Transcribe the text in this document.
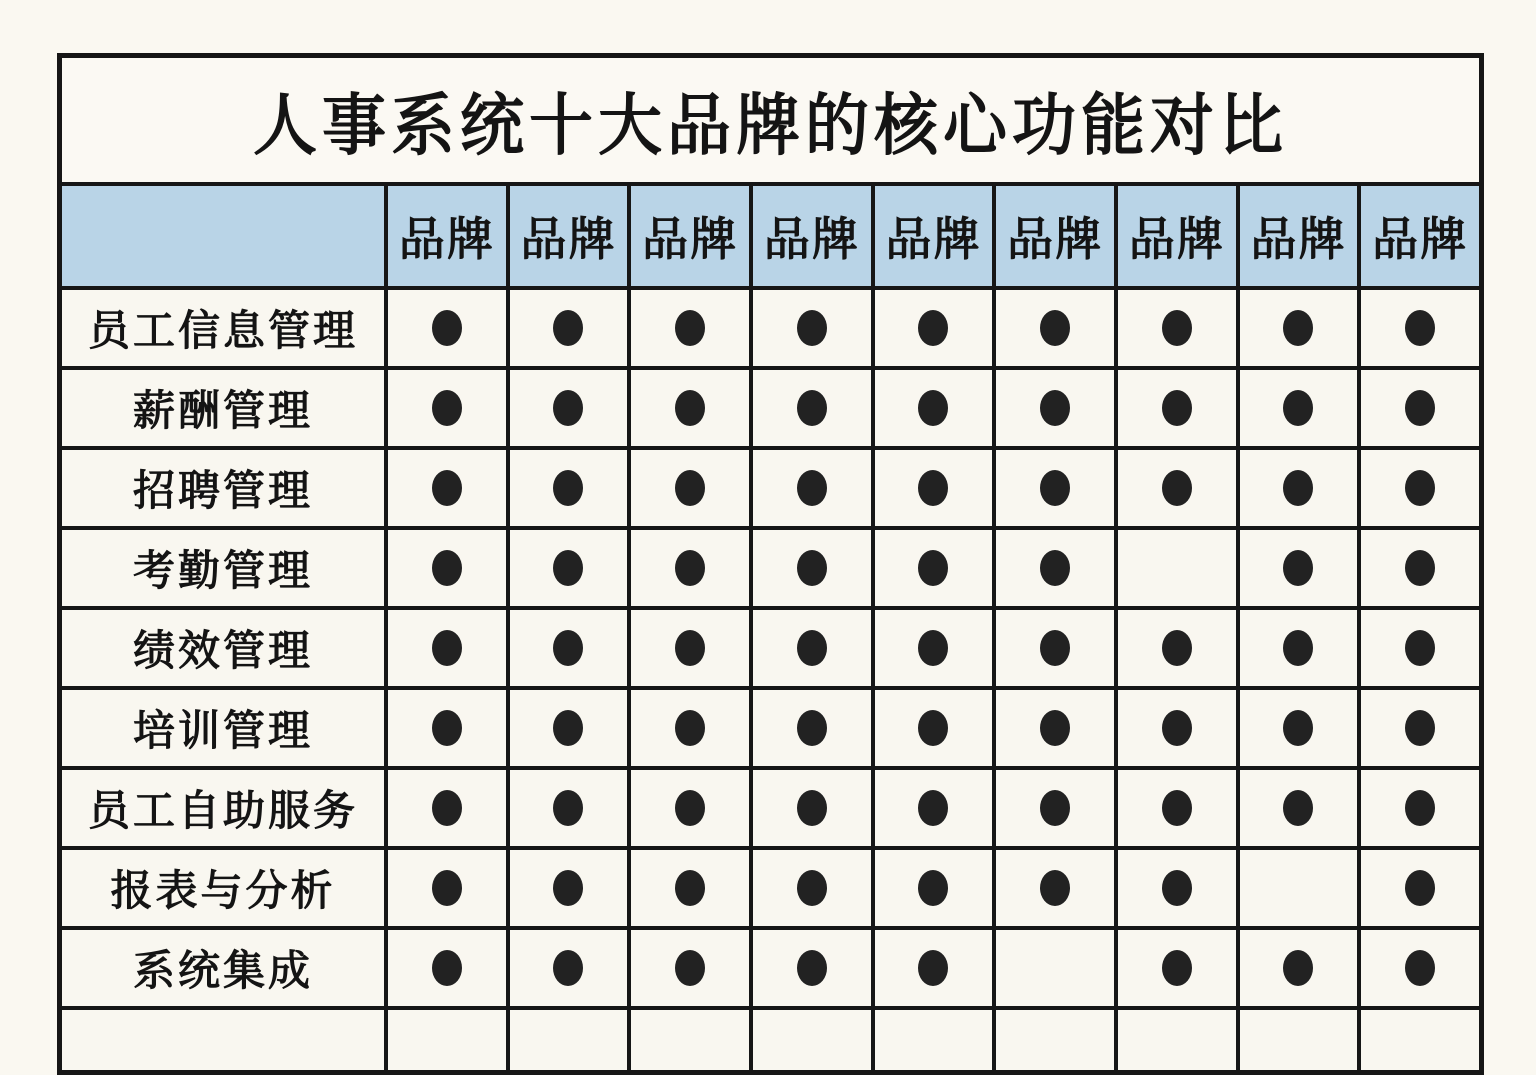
人事系统十大品牌的核心功能对比
品牌 品牌 品牌 品牌 品牌 品牌 品牌 品牌 品牌
员工信息管理
薪酬管理
招聘管理
考勤管理
绩效管理
培训管理
员工自助服务
报表与分析
系统集成
